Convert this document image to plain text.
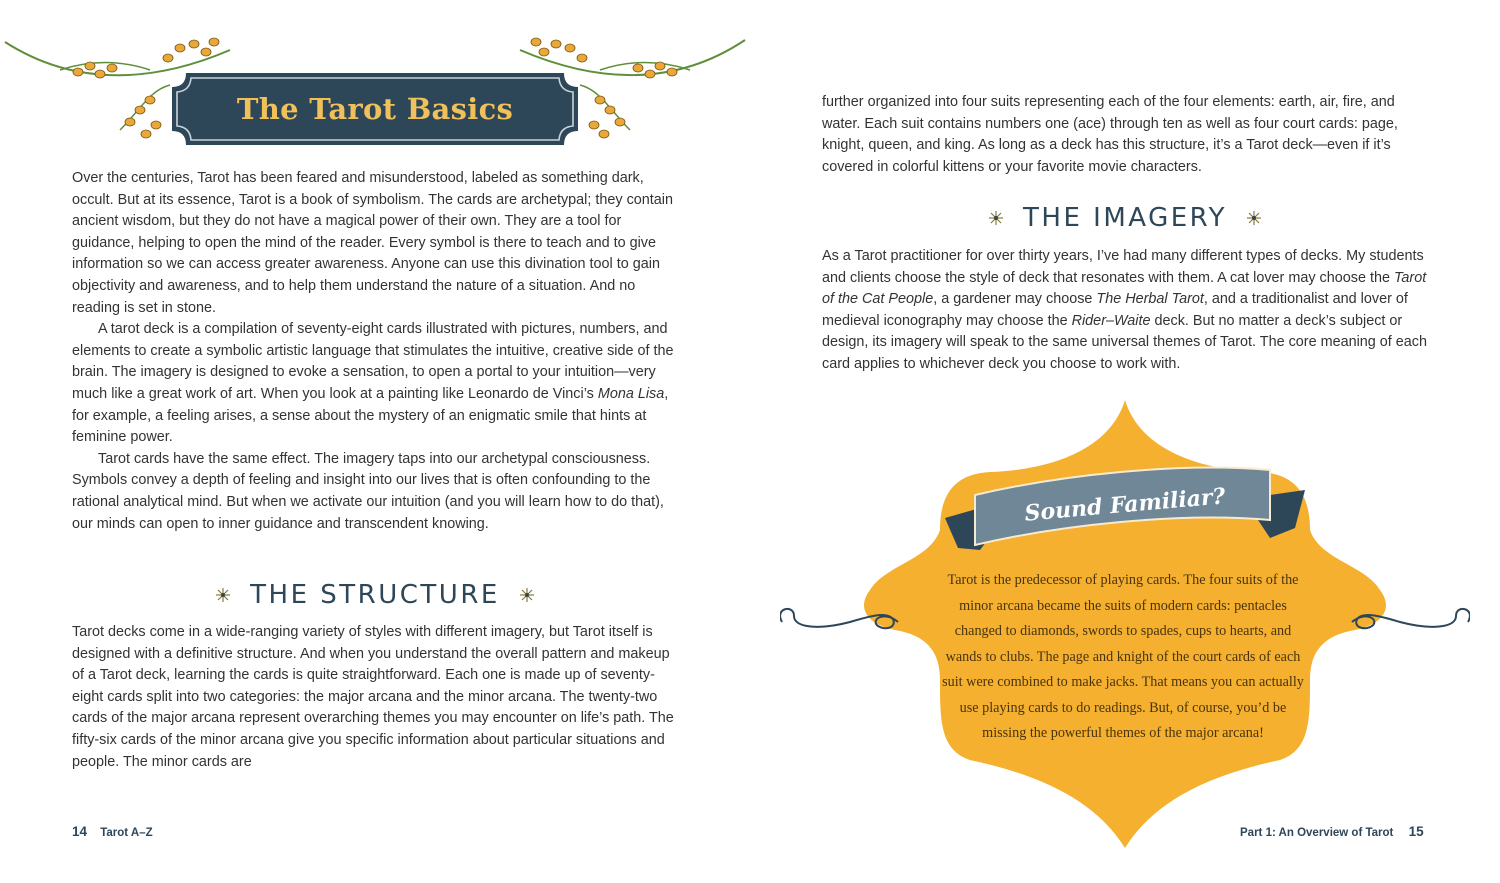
The Tarot Basics

Over the centuries, Tarot has been feared and misunderstood, labeled as something dark, occult. But at its essence, Tarot is a book of symbolism. The cards are archetypal; they contain ancient wisdom, but they do not have a magical power of their own. They are a tool for guidance, helping to open the mind of the reader. Every symbol is there to teach and to give information so we can access greater awareness. Anyone can use this divination tool to gain objectivity and awareness, and to help them understand the nature of a situation. And no reading is set in stone.

A tarot deck is a compilation of seventy-eight cards illustrated with pictures, numbers, and elements to create a symbolic artistic language that stimulates the intuitive, creative side of the brain. The imagery is designed to evoke a sensation, to open a portal to your intuition—very much like a great work of art. When you look at a painting like Leonardo de Vinci’s Mona Lisa, for example, a feeling arises, a sense about the mystery of an enigmatic smile that hints at feminine power.

Tarot cards have the same effect. The imagery taps into our archetypal consciousness. Symbols convey a depth of feeling and insight into our lives that is often confounding to the rational analytical mind. But when we activate our intuition (and you will learn how to do that), our minds can open to inner guidance and transcendent knowing.

THE STRUCTURE

Tarot decks come in a wide-ranging variety of styles with different imagery, but Tarot itself is designed with a definitive structure. And when you understand the overall pattern and makeup of a Tarot deck, learning the cards is quite straightforward. Each one is made up of seventy-eight cards split into two categories: the major arcana and the minor arcana. The twenty-two cards of the major arcana represent overarching themes you may encounter on life’s path. The fifty-six cards of the minor arcana give you specific information about particular situations and people. The minor cards are

14 Tarot A–Z

further organized into four suits representing each of the four elements: earth, air, fire, and water. Each suit contains numbers one (ace) through ten as well as four court cards: page, knight, queen, and king. As long as a deck has this structure, it’s a Tarot deck—even if it’s covered in colorful kittens or your favorite movie characters.

THE IMAGERY

As a Tarot practitioner for over thirty years, I’ve had many different types of decks. My students and clients choose the style of deck that resonates with them. A cat lover may choose the Tarot of the Cat People, a gardener may choose The Herbal Tarot, and a traditionalist and lover of medieval iconography may choose the Rider–Waite deck. But no matter a deck’s subject or design, its imagery will speak to the same universal themes of Tarot. The core meaning of each card applies to whichever deck you choose to work with.

Sound Familiar?
Tarot is the predecessor of playing cards. The four suits of the minor arcana became the suits of modern cards: pentacles changed to diamonds, swords to spades, cups to hearts, and wands to clubs. The page and knight of the court cards of each suit were combined to make jacks. That means you can actually use playing cards to do readings. But, of course, you’d be missing the powerful themes of the major arcana!
Part 1: An Overview of Tarot 15
